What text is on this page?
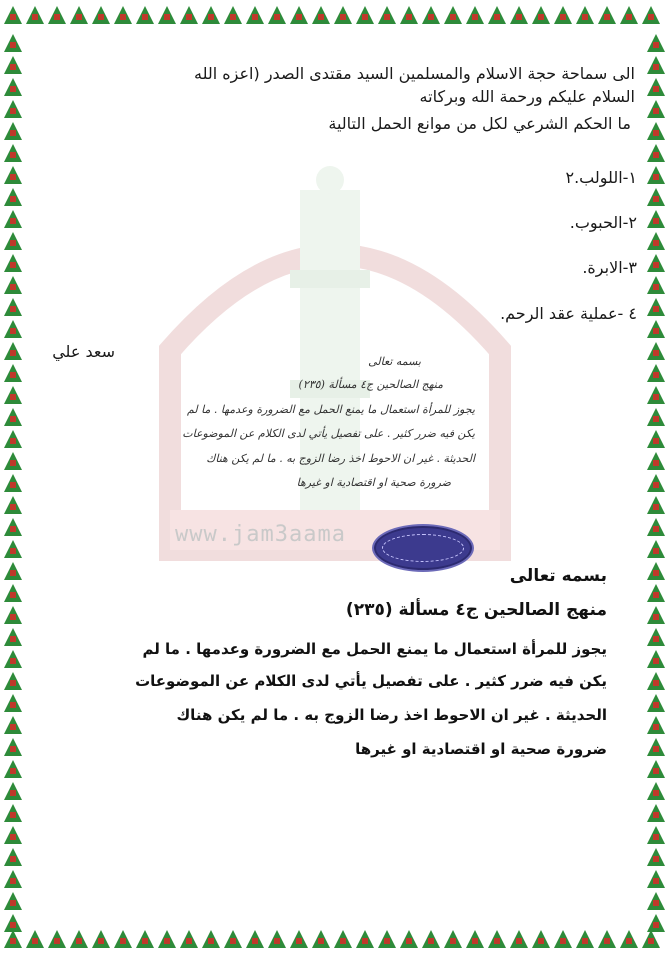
www.jam3aama
الى سماحة حجة الاسلام والمسلمين السيد مقتدى الصدر (اعزه الله
السلام عليكم ورحمة الله وبركاته
ما الحكم الشرعي لكل من موانع الحمل التالية
١-اللولب.٢
٢-الحبوب.
٣-الابرة.
٤ -عملية عقد الرحم.
سعد علي
بسمه تعالى
منهج الصالحين ج٤ مسألة (٢٣٥)
يجوز للمرأة استعمال ما يمنع الحمل مع الضرورة وعدمها . ما لم
يكن فيه ضرر كثير . على تفصيل يأتي لدى الكلام عن الموضوعات
الحديثة . غير ان الاحوط اخذ رضا الزوج به . ما لم يكن هناك
ضرورة صحية او اقتصادية او غيرها
بسمه تعالى
منهج الصالحين ج٤ مسألة (٢٣٥)
يجوز للمرأة استعمال ما يمنع الحمل مع الضرورة وعدمها . ما لم
يكن فيه ضرر كثير . على تفصيل يأتي لدى الكلام عن الموضوعات
الحديثة . غير ان الاحوط اخذ رضا الزوج به . ما لم يكن هناك
ضرورة صحية او اقتصادية او غيرها
